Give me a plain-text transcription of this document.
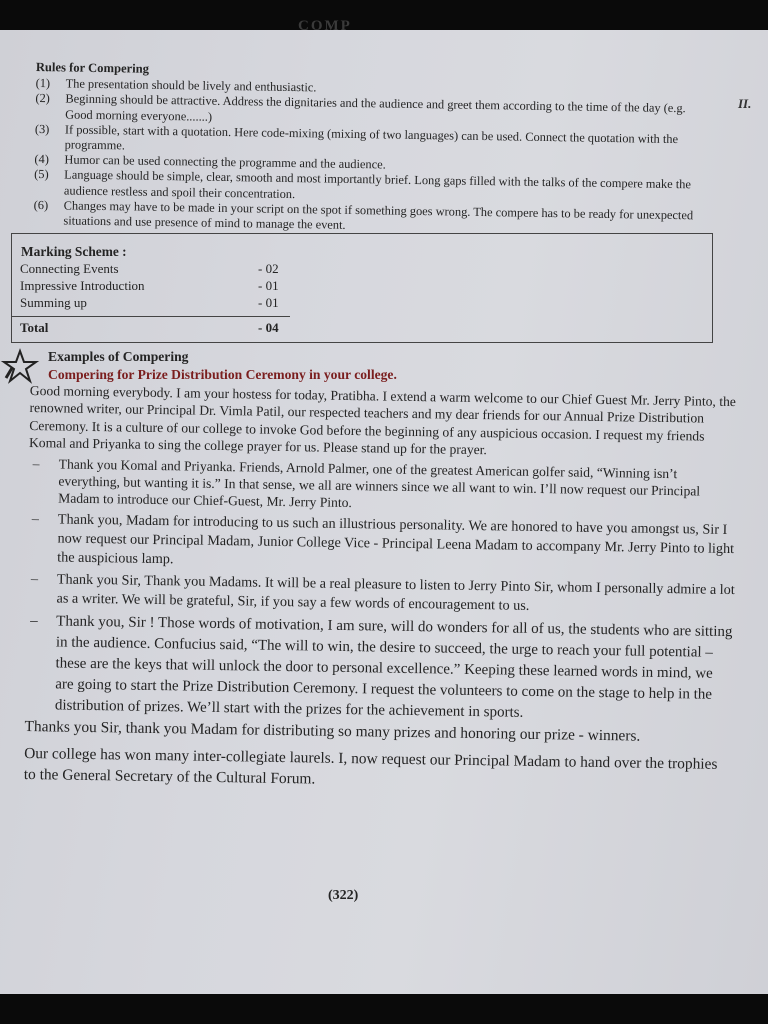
COMP
II.
Rules for Compering
(1)	The presentation should be lively and enthusiastic.
(2)	Beginning should be attractive. Address the dignitaries and the audience and greet them according to the time of the day (e.g. Good morning everyone.......)
(3)	If possible, start with a quotation. Here code-mixing (mixing of two languages) can be used. Connect the quotation with the programme.
(4)	Humor can be used connecting the programme and the audience.
(5)	Language should be simple, clear, smooth and most importantly brief. Long gaps filled with the talks of the compere make the audience restless and spoil their concentration.
(6)	Changes may have to be made in your script on the spot if something goes wrong. The compere has to be ready for unexpected situations and use presence of mind to manage the event.
Marking Scheme :
Connecting Events	- 02
Impressive Introduction	- 01
Summing up	- 01
Total	- 04
Examples of Compering
Compering for Prize Distribution Ceremony in your college.

Good morning everybody. I am your hostess for today, Pratibha. I extend a warm welcome to our Chief Guest Mr. Jerry Pinto, the renowned writer, our Principal Dr. Vimla Patil, our respected teachers and my dear friends for our Annual Prize Distribution Ceremony. It is a culture of our college to invoke God before the beginning of any auspicious occasion. I request my friends Komal and Priyanka to sing the college prayer for us. Please stand up for the prayer.

– Thank you Komal and Priyanka. Friends, Arnold Palmer, one of the greatest American golfer said, “Winning isn’t everything, but wanting it is.” In that sense, we all are winners since we all want to win. I’ll now request our Principal Madam to introduce our Chief-Guest, Mr. Jerry Pinto.
– Thank you, Madam for introducing to us such an illustrious personality. We are honored to have you amongst us, Sir I now request our Principal Madam, Junior College Vice - Principal Leena Madam to accompany Mr. Jerry Pinto to light the auspicious lamp.
– Thank you Sir, Thank you Madams. It will be a real pleasure to listen to Jerry Pinto Sir, whom I personally admire a lot as a writer. We will be grateful, Sir, if you say a few words of encouragement to us.
– Thank you, Sir ! Those words of motivation, I am sure, will do wonders for all of us, the students who are sitting in the audience. Confucius said, “The will to win, the desire to succeed, the urge to reach your full potential – these are the keys that will unlock the door to personal excellence.” Keeping these learned words in mind, we are going to start the Prize Distribution Ceremony. I request the volunteers to come on the stage to help in the distribution of prizes. We’ll start with the prizes for the achievement in sports.

Thanks you Sir, thank you Madam for distributing so many prizes and honoring our prize - winners.

Our college has won many inter-collegiate laurels. I, now request our Principal Madam to hand over the trophies to the General Secretary of the Cultural Forum.

(322)
